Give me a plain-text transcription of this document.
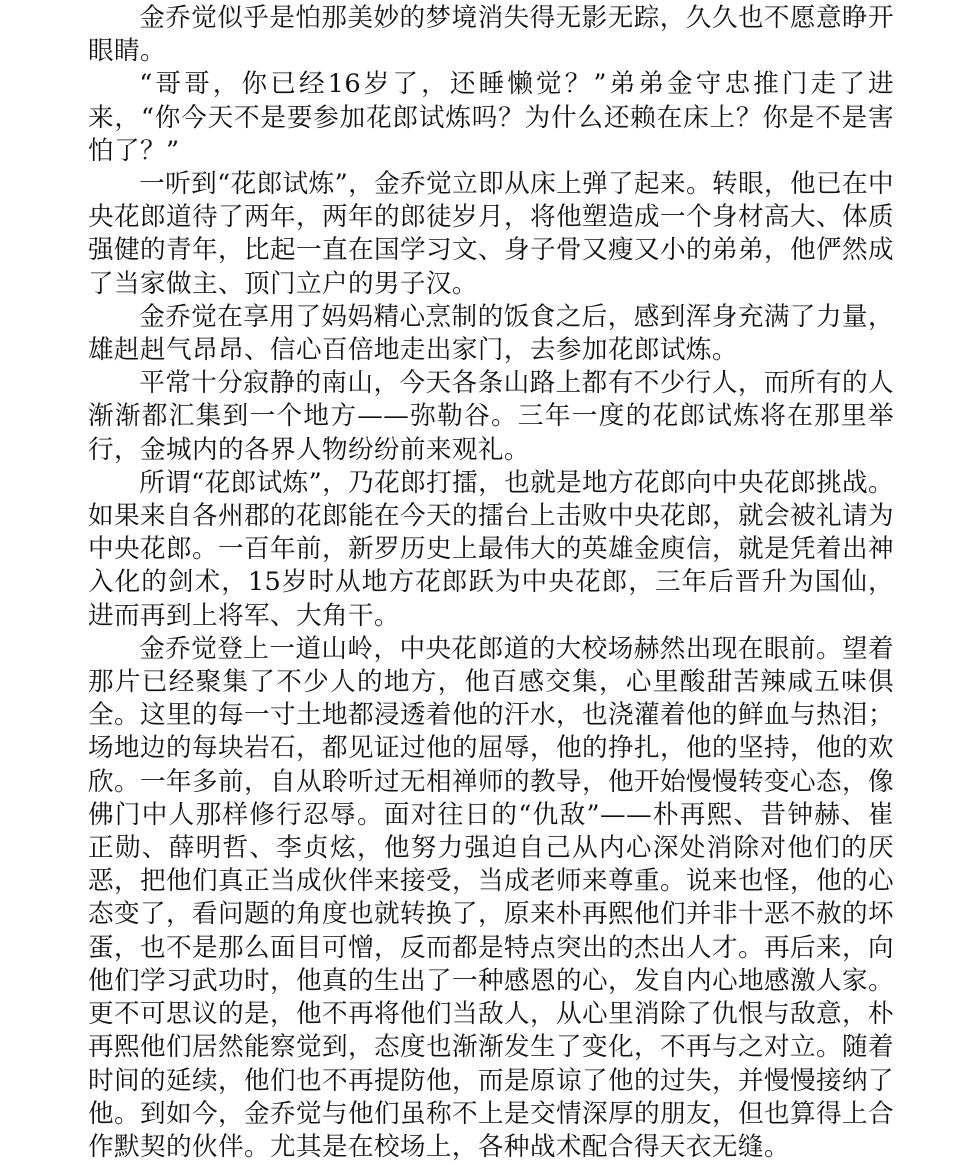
金乔觉似乎是怕那美妙的梦境消失得无影无踪，久久也不愿意睁开眼睛。

“哥哥，你已经16岁了，还睡懒觉？”弟弟金守忠推门走了进来，“你今天不是要参加花郎试炼吗？为什么还赖在床上？你是不是害怕了？”

一听到“花郎试炼”，金乔觉立即从床上弹了起来。转眼，他已在中央花郎道待了两年，两年的郎徒岁月，将他塑造成一个身材高大、体质强健的青年，比起一直在国学习文、身子骨又瘦又小的弟弟，他俨然成了当家做主、顶门立户的男子汉。

金乔觉在享用了妈妈精心烹制的饭食之后，感到浑身充满了力量，雄赳赳气昂昂、信心百倍地走出家门，去参加花郎试炼。

平常十分寂静的南山，今天各条山路上都有不少行人，而所有的人渐渐都汇集到一个地方——弥勒谷。三年一度的花郎试炼将在那里举行，金城内的各界人物纷纷前来观礼。

所谓“花郎试炼”，乃花郎打擂，也就是地方花郎向中央花郎挑战。如果来自各州郡的花郎能在今天的擂台上击败中央花郎，就会被礼请为中央花郎。一百年前，新罗历史上最伟大的英雄金庾信，就是凭着出神入化的剑术，15岁时从地方花郎跃为中央花郎，三年后晋升为国仙，进而再到上将军、大角干。

金乔觉登上一道山岭，中央花郎道的大校场赫然出现在眼前。望着那片已经聚集了不少人的地方，他百感交集，心里酸甜苦辣咸五味俱全。这里的每一寸土地都浸透着他的汗水，也浇灌着他的鲜血与热泪；场地边的每块岩石，都见证过他的屈辱，他的挣扎，他的坚持，他的欢欣。一年多前，自从聆听过无相禅师的教导，他开始慢慢转变心态，像佛门中人那样修行忍辱。面对往日的“仇敌”——朴再熙、昔钟赫、崔正勋、薛明哲、李贞炫，他努力强迫自己从内心深处消除对他们的厌恶，把他们真正当成伙伴来接受，当成老师来尊重。说来也怪，他的心态变了，看问题的角度也就转换了，原来朴再熙他们并非十恶不赦的坏蛋，也不是那么面目可憎，反而都是特点突出的杰出人才。再后来，向他们学习武功时，他真的生出了一种感恩的心，发自内心地感激人家。更不可思议的是，他不再将他们当敌人，从心里消除了仇恨与敌意，朴再熙他们居然能察觉到，态度也渐渐发生了变化，不再与之对立。随着时间的延续，他们也不再提防他，而是原谅了他的过失，并慢慢接纳了他。到如今，金乔觉与他们虽称不上是交情深厚的朋友，但也算得上合作默契的伙伴。尤其是在校场上，各种战术配合得天衣无缝。
